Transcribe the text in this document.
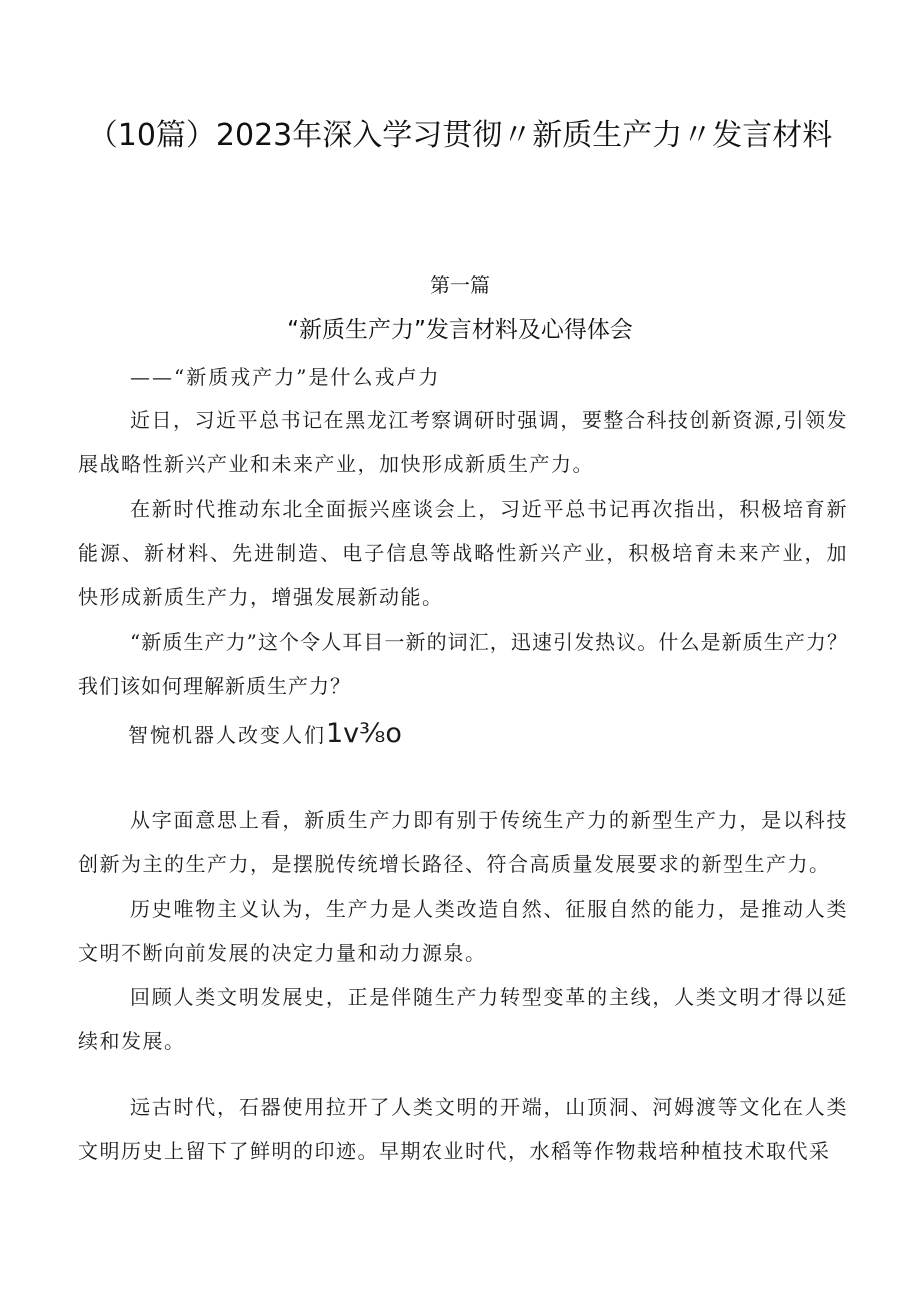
（10篇）2023年深入学习贯彻〃新质生产力〃发言材料
第一篇
“新质生产力”发言材料及心得体会
——“新质戎产力”是什么戎卢力

近日，习近平总书记在黑龙江考察调研时强调，要整合科技创新资源,引领发展战略性新兴产业和未来产业，加快形成新质生产力。

在新时代推动东北全面振兴座谈会上，习近平总书记再次指出，积极培育新能源、新材料、先进制造、电子信息等战略性新兴产业，积极培育未来产业，加快形成新质生产力，增强发展新动能。

“新质生产力”这个令人耳目一新的词汇，迅速引发热议。什么是新质生产力？我们该如何理解新质生产力？

智惋机器人改变人们1v⅜o

从字面意思上看，新质生产力即有别于传统生产力的新型生产力，是以科技创新为主的生产力，是摆脱传统增长路径、符合高质量发展要求的新型生产力。

历史唯物主义认为，生产力是人类改造自然、征服自然的能力，是推动人类文明不断向前发展的决定力量和动力源泉。

回顾人类文明发展史，正是伴随生产力转型变革的主线，人类文明才得以延续和发展。

远古时代，石器使用拉开了人类文明的开端，山顶洞、河姆渡等文化在人类文明历史上留下了鲜明的印迹。早期农业时代，水稻等作物栽培种植技术取代采
